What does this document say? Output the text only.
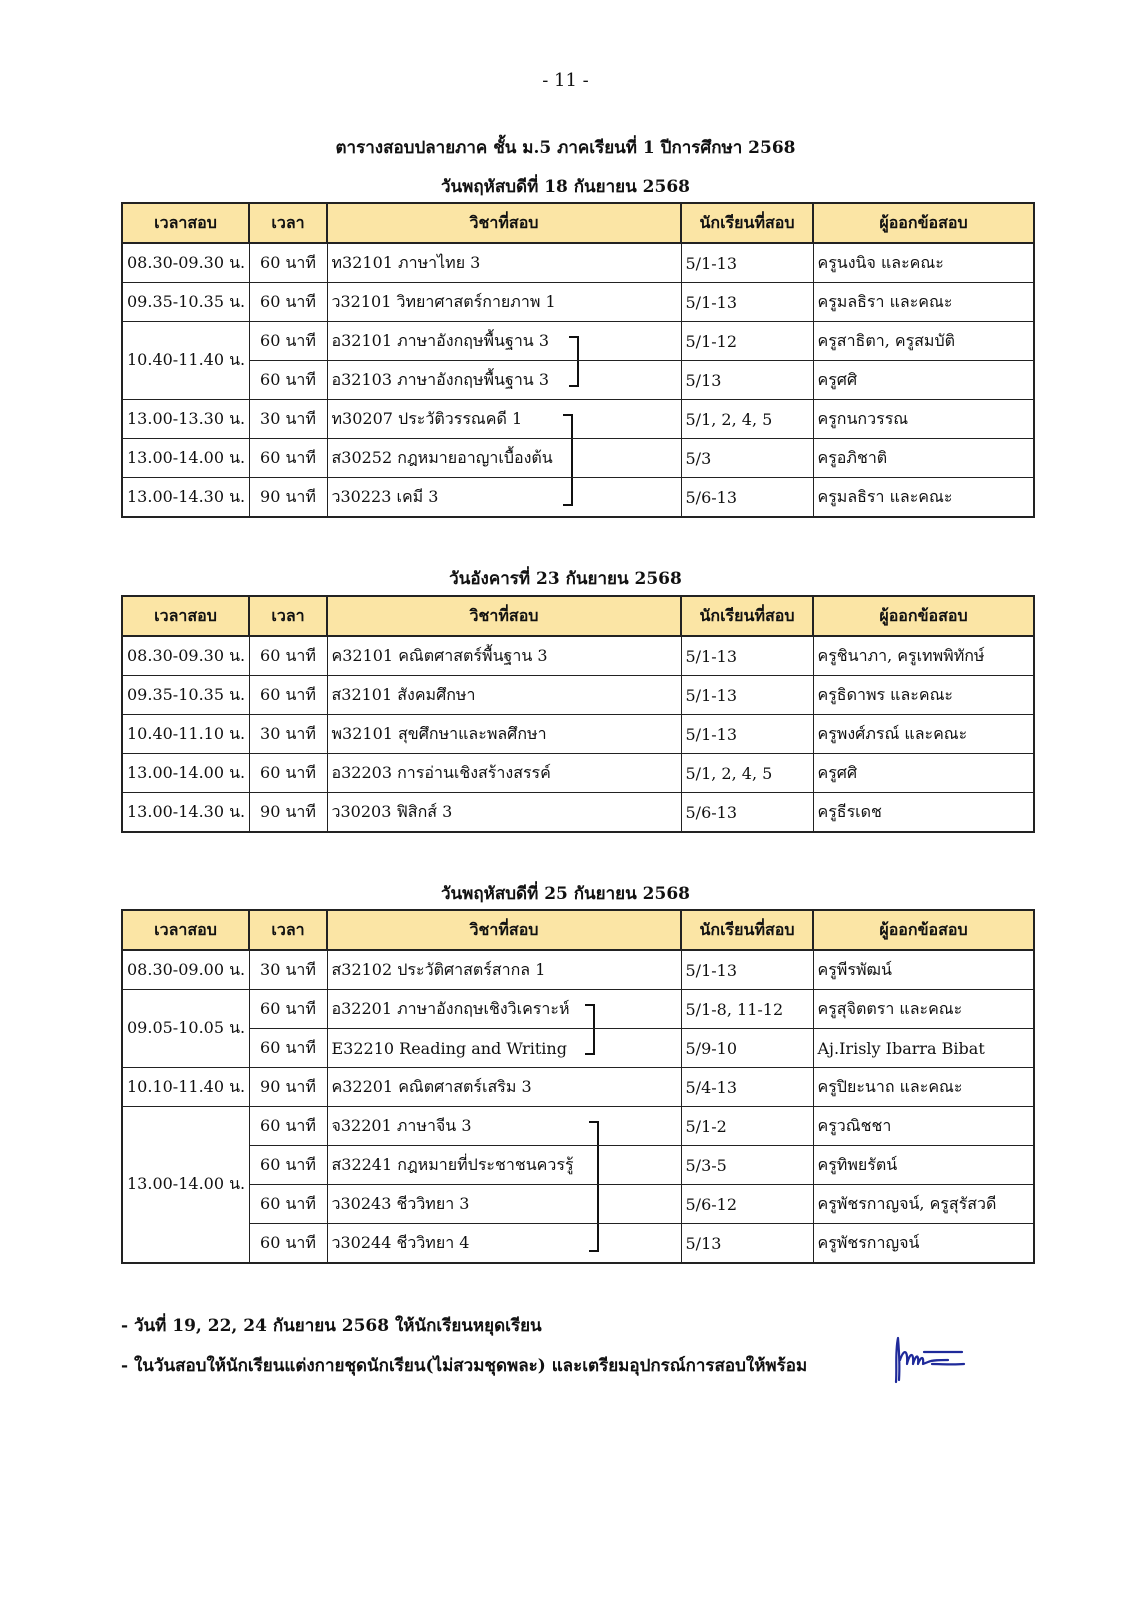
- 11 -
ตารางสอบปลายภาค ชั้น ม.5 ภาคเรียนที่ 1 ปีการศึกษา 2568
วันพฤหัสบดีที่ 18 กันยายน 2568
เวลาสอบ	เวลา	วิชาที่สอบ	นักเรียนที่สอบ	ผู้ออกข้อสอบ
08.30-09.30 น.	60 นาที	ท32101 ภาษาไทย 3	5/1-13	ครูนงนิจ และคณะ
09.35-10.35 น.	60 นาที	ว32101 วิทยาศาสตร์กายภาพ 1	5/1-13	ครูมลธิรา และคณะ
10.40-11.40 น.	60 นาที	อ32101 ภาษาอังกฤษพื้นฐาน 3	5/1-12	ครูสาธิตา, ครูสมบัติ
	60 นาที	อ32103 ภาษาอังกฤษพื้นฐาน 3	5/13	ครูศศิ
13.00-13.30 น.	30 นาที	ท30207 ประวัติวรรณคดี 1	5/1, 2, 4, 5	ครูกนกวรรณ
13.00-14.00 น.	60 นาที	ส30252 กฎหมายอาญาเบื้องต้น	5/3	ครูอภิชาติ
13.00-14.30 น.	90 นาที	ว30223 เคมี 3	5/6-13	ครูมลธิรา และคณะ
วันอังคารที่ 23 กันยายน 2568
เวลาสอบ	เวลา	วิชาที่สอบ	นักเรียนที่สอบ	ผู้ออกข้อสอบ
08.30-09.30 น.	60 นาที	ค32101 คณิตศาสตร์พื้นฐาน 3	5/1-13	ครูชินาภา, ครูเทพพิทักษ์
09.35-10.35 น.	60 นาที	ส32101 สังคมศึกษา	5/1-13	ครูธิดาพร และคณะ
10.40-11.10 น.	30 นาที	พ32101 สุขศึกษาและพลศึกษา	5/1-13	ครูพงศ์ภรณ์ และคณะ
13.00-14.00 น.	60 นาที	อ32203 การอ่านเชิงสร้างสรรค์	5/1, 2, 4, 5	ครูศศิ
13.00-14.30 น.	90 นาที	ว30203 ฟิสิกส์ 3	5/6-13	ครูธีรเดช
วันพฤหัสบดีที่ 25 กันยายน 2568
เวลาสอบ	เวลา	วิชาที่สอบ	นักเรียนที่สอบ	ผู้ออกข้อสอบ
08.30-09.00 น.	30 นาที	ส32102 ประวัติศาสตร์สากล 1	5/1-13	ครูพีรพัฒน์
09.05-10.05 น.	60 นาที	อ32201 ภาษาอังกฤษเชิงวิเคราะห์	5/1-8, 11-12	ครูสุจิตตรา และคณะ
	60 นาที	E32210 Reading and Writing	5/9-10	Aj.Irisly Ibarra Bibat
10.10-11.40 น.	90 นาที	ค32201 คณิตศาสตร์เสริม 3	5/4-13	ครูปิยะนาถ และคณะ
13.00-14.00 น.	60 นาที	จ32201 ภาษาจีน 3	5/1-2	ครูวณิชชา
	60 นาที	ส32241 กฎหมายที่ประชาชนควรรู้	5/3-5	ครูทิพยรัตน์
	60 นาที	ว30243 ชีววิทยา 3	5/6-12	ครูพัชรกาญจน์, ครูสุรัสวดี
	60 นาที	ว30244 ชีววิทยา 4	5/13	ครูพัชรกาญจน์
- วันที่ 19, 22, 24 กันยายน 2568 ให้นักเรียนหยุดเรียน
- ในวันสอบให้นักเรียนแต่งกายชุดนักเรียน(ไม่สวมชุดพละ) และเตรียมอุปกรณ์การสอบให้พร้อม
